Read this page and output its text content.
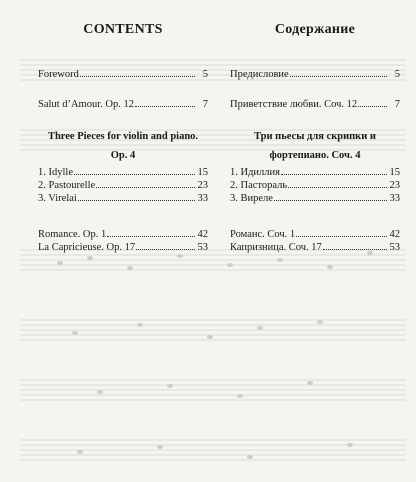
CONTENTS
Foreword	5
Salut d’Amour. Op. 12	7
Three Pieces for violin and piano.
Op. 4
1. Idylle	15
2. Pastourelle	23
3. Virelai	33
Romance. Op. 1	42
La Capricieuse. Op. 17	53
Содержание
Предисловие	5
Приветствие любви. Соч. 12	7
Три пьесы для скрипки и
фортепиано. Соч. 4
1. Идиллия	15
2. Пастораль	23
3. Виреле	33
Романс. Соч. 1	42
Капризница. Соч. 17	53
